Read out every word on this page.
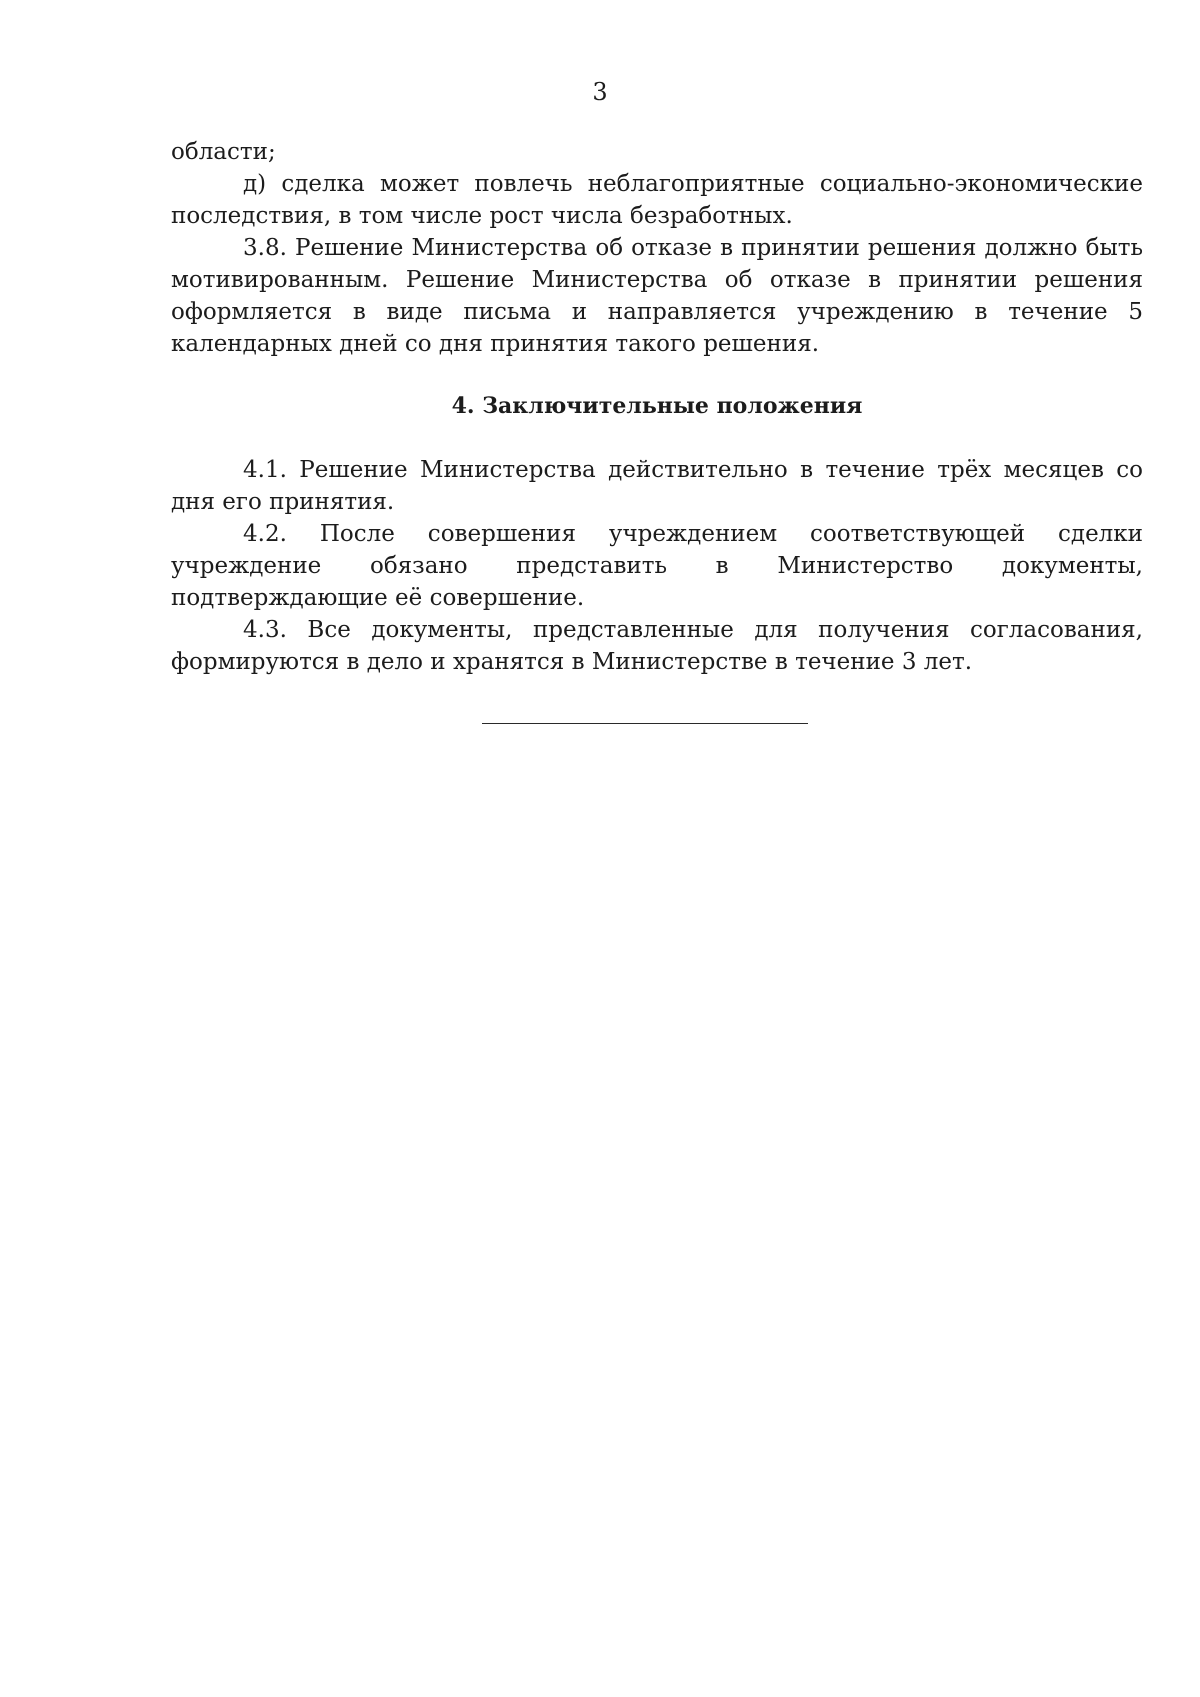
3

области;

д) сделка может повлечь неблагоприятные социально-экономические последствия, в том числе рост числа безработных.

3.8. Решение Министерства об отказе в принятии решения должно быть мотивированным. Решение Министерства об отказе в принятии решения оформляется в виде письма и направляется учреждению в течение 5 календарных дней со дня принятия такого решения.

4. Заключительные положения

4.1. Решение Министерства действительно в течение трёх месяцев со дня его принятия.

4.2. После совершения учреждением соответствующей сделки учреждение обязано представить в Министерство документы, подтверждающие её совершение.

4.3. Все документы, представленные для получения согласования, формируются в дело и хранятся в Министерстве в течение 3 лет.
